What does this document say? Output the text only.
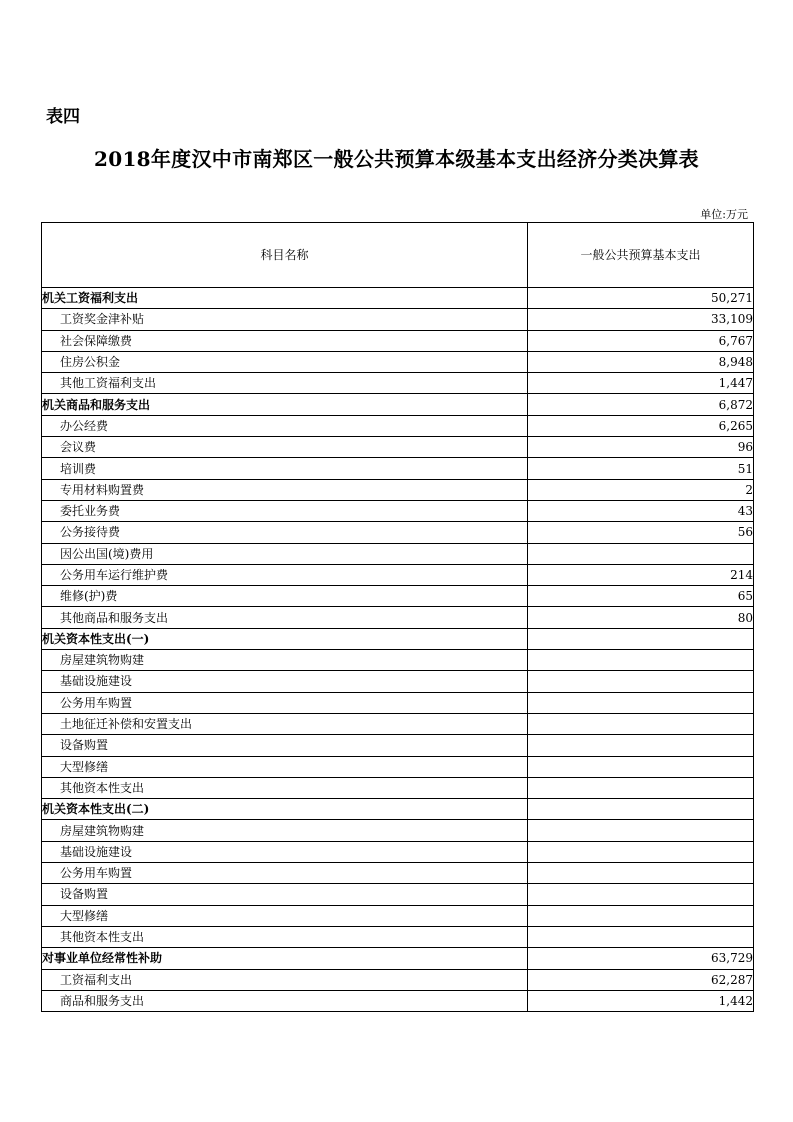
表四
2018年度汉中市南郑区一般公共预算本级基本支出经济分类决算表
单位:万元
科目名称	一般公共预算基本支出
机关工资福利支出	50,271
工资奖金津补贴	33,109
社会保障缴费	6,767
住房公积金	8,948
其他工资福利支出	1,447
机关商品和服务支出	6,872
办公经费	6,265
会议费	96
培训费	51
专用材料购置费	2
委托业务费	43
公务接待费	56
因公出国(境)费用	
公务用车运行维护费	214
维修(护)费	65
其他商品和服务支出	80
机关资本性支出(一)	
房屋建筑物购建	
基础设施建设	
公务用车购置	
土地征迁补偿和安置支出	
设备购置	
大型修缮	
其他资本性支出	
机关资本性支出(二)	
房屋建筑物购建	
基础设施建设	
公务用车购置	
设备购置	
大型修缮	
其他资本性支出	
对事业单位经常性补助	63,729
工资福利支出	62,287
商品和服务支出	1,442
